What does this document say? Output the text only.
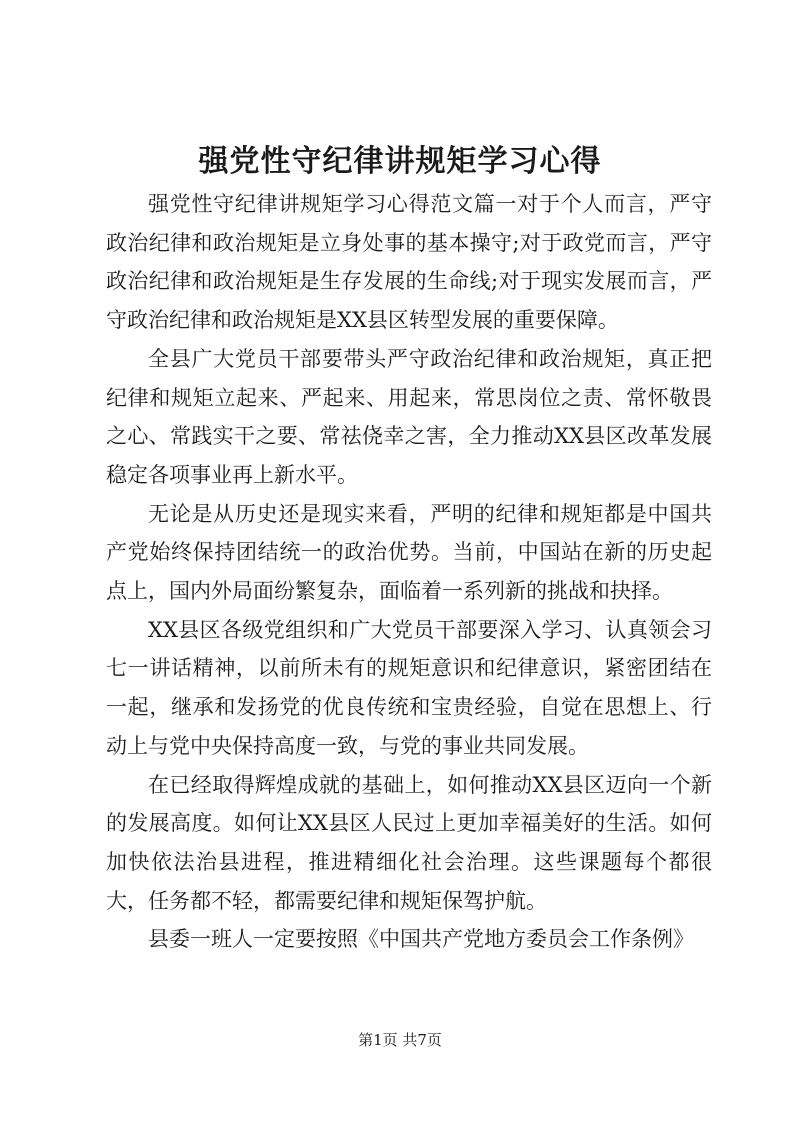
强党性守纪律讲规矩学习心得

强党性守纪律讲规矩学习心得范文篇一对于个人而言，严守政治纪律和政治规矩是立身处事的基本操守;对于政党而言，严守政治纪律和政治规矩是生存发展的生命线;对于现实发展而言，严守政治纪律和政治规矩是XX县区转型发展的重要保障。

全县广大党员干部要带头严守政治纪律和政治规矩，真正把纪律和规矩立起来、严起来、用起来，常思岗位之责、常怀敬畏之心、常践实干之要、常祛侥幸之害，全力推动XX县区改革发展稳定各项事业再上新水平。

无论是从历史还是现实来看，严明的纪律和规矩都是中国共产党始终保持团结统一的政治优势。当前，中国站在新的历史起点上，国内外局面纷繁复杂，面临着一系列新的挑战和抉择。

XX县区各级党组织和广大党员干部要深入学习、认真领会习七一讲话精神，以前所未有的规矩意识和纪律意识，紧密团结在一起，继承和发扬党的优良传统和宝贵经验，自觉在思想上、行动上与党中央保持高度一致，与党的事业共同发展。

在已经取得辉煌成就的基础上，如何推动XX县区迈向一个新的发展高度。如何让XX县区人民过上更加幸福美好的生活。如何加快依法治县进程，推进精细化社会治理。这些课题每个都很大，任务都不轻，都需要纪律和规矩保驾护航。

县委一班人一定要按照《中国共产党地方委员会工作条例》

第1页 共7页
